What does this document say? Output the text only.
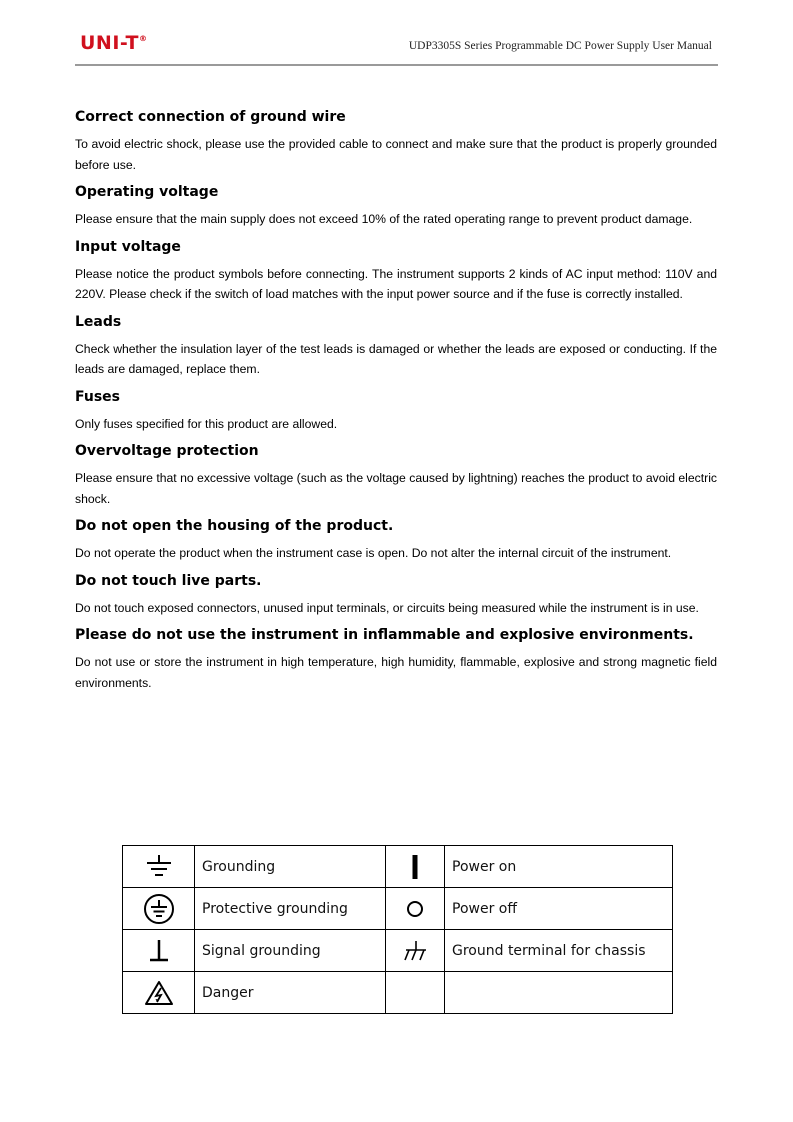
UNI-T®
UDP3305S Series Programmable DC Power Supply User Manual
Correct connection of ground wire

To avoid electric shock, please use the provided cable to connect and make sure that the product is properly grounded before use.

Operating voltage

Please ensure that the main supply does not exceed 10% of the rated operating range to prevent product damage.

Input voltage

Please notice the product symbols before connecting. The instrument supports 2 kinds of AC input method: 110V and 220V. Please check if the switch of load matches with the input power source and if the fuse is correctly installed.

Leads

Check whether the insulation layer of the test leads is damaged or whether the leads are exposed or conducting. If the leads are damaged, replace them.

Fuses

Only fuses specified for this product are allowed.

Overvoltage protection

Please ensure that no excessive voltage (such as the voltage caused by lightning) reaches the product to avoid electric shock.

Do not open the housing of the product.

Do not operate the product when the instrument case is open. Do not alter the internal circuit of the instrument.

Do not touch live parts.

Do not touch exposed connectors, unused input terminals, or circuits being measured while the instrument is in use.

Please do not use the instrument in inflammable and explosive environments.

Do not use or store the instrument in high temperature, high humidity, flammable, explosive and strong magnetic field environments.

	Grounding		Power on

	Protective grounding		Power off

	Signal grounding		Ground terminal for chassis

	Danger		
